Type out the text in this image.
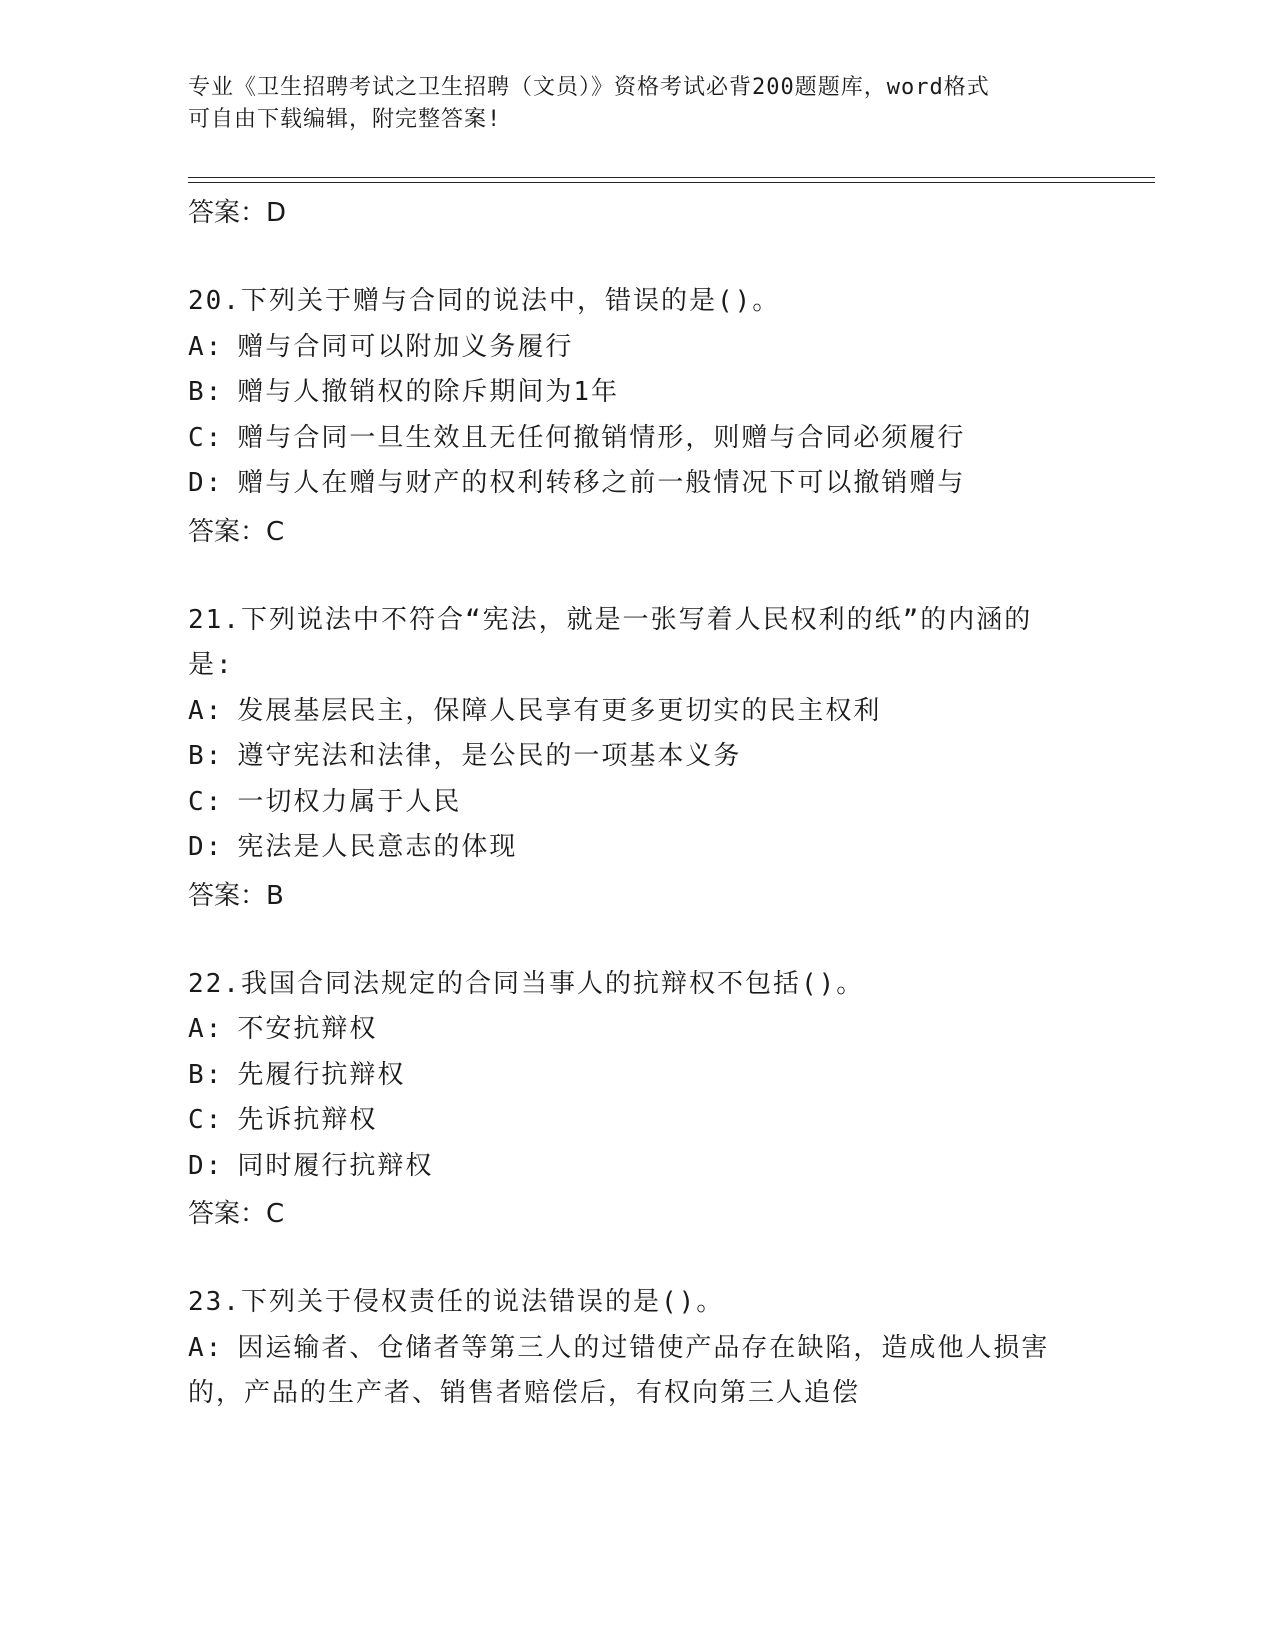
专业《卫生招聘考试之卫生招聘（文员）》资格考试必背200题题库，word格式
可自由下载编辑，附完整答案!
答案：D
20.下列关于赠与合同的说法中，错误的是()。
A: 赠与合同可以附加义务履行
B: 赠与人撤销权的除斥期间为1年
C: 赠与合同一旦生效且无任何撤销情形，则赠与合同必须履行
D: 赠与人在赠与财产的权利转移之前一般情况下可以撤销赠与
答案：C
21.下列说法中不符合“宪法，就是一张写着人民权利的纸”的内涵的
是:
A: 发展基层民主，保障人民享有更多更切实的民主权利
B: 遵守宪法和法律，是公民的一项基本义务
C: 一切权力属于人民
D: 宪法是人民意志的体现
答案：B
22.我国合同法规定的合同当事人的抗辩权不包括()。
A: 不安抗辩权
B: 先履行抗辩权
C: 先诉抗辩权
D: 同时履行抗辩权
答案：C
23.下列关于侵权责任的说法错误的是()。
A: 因运输者、仓储者等第三人的过错使产品存在缺陷，造成他人损害
的，产品的生产者、销售者赔偿后，有权向第三人追偿
